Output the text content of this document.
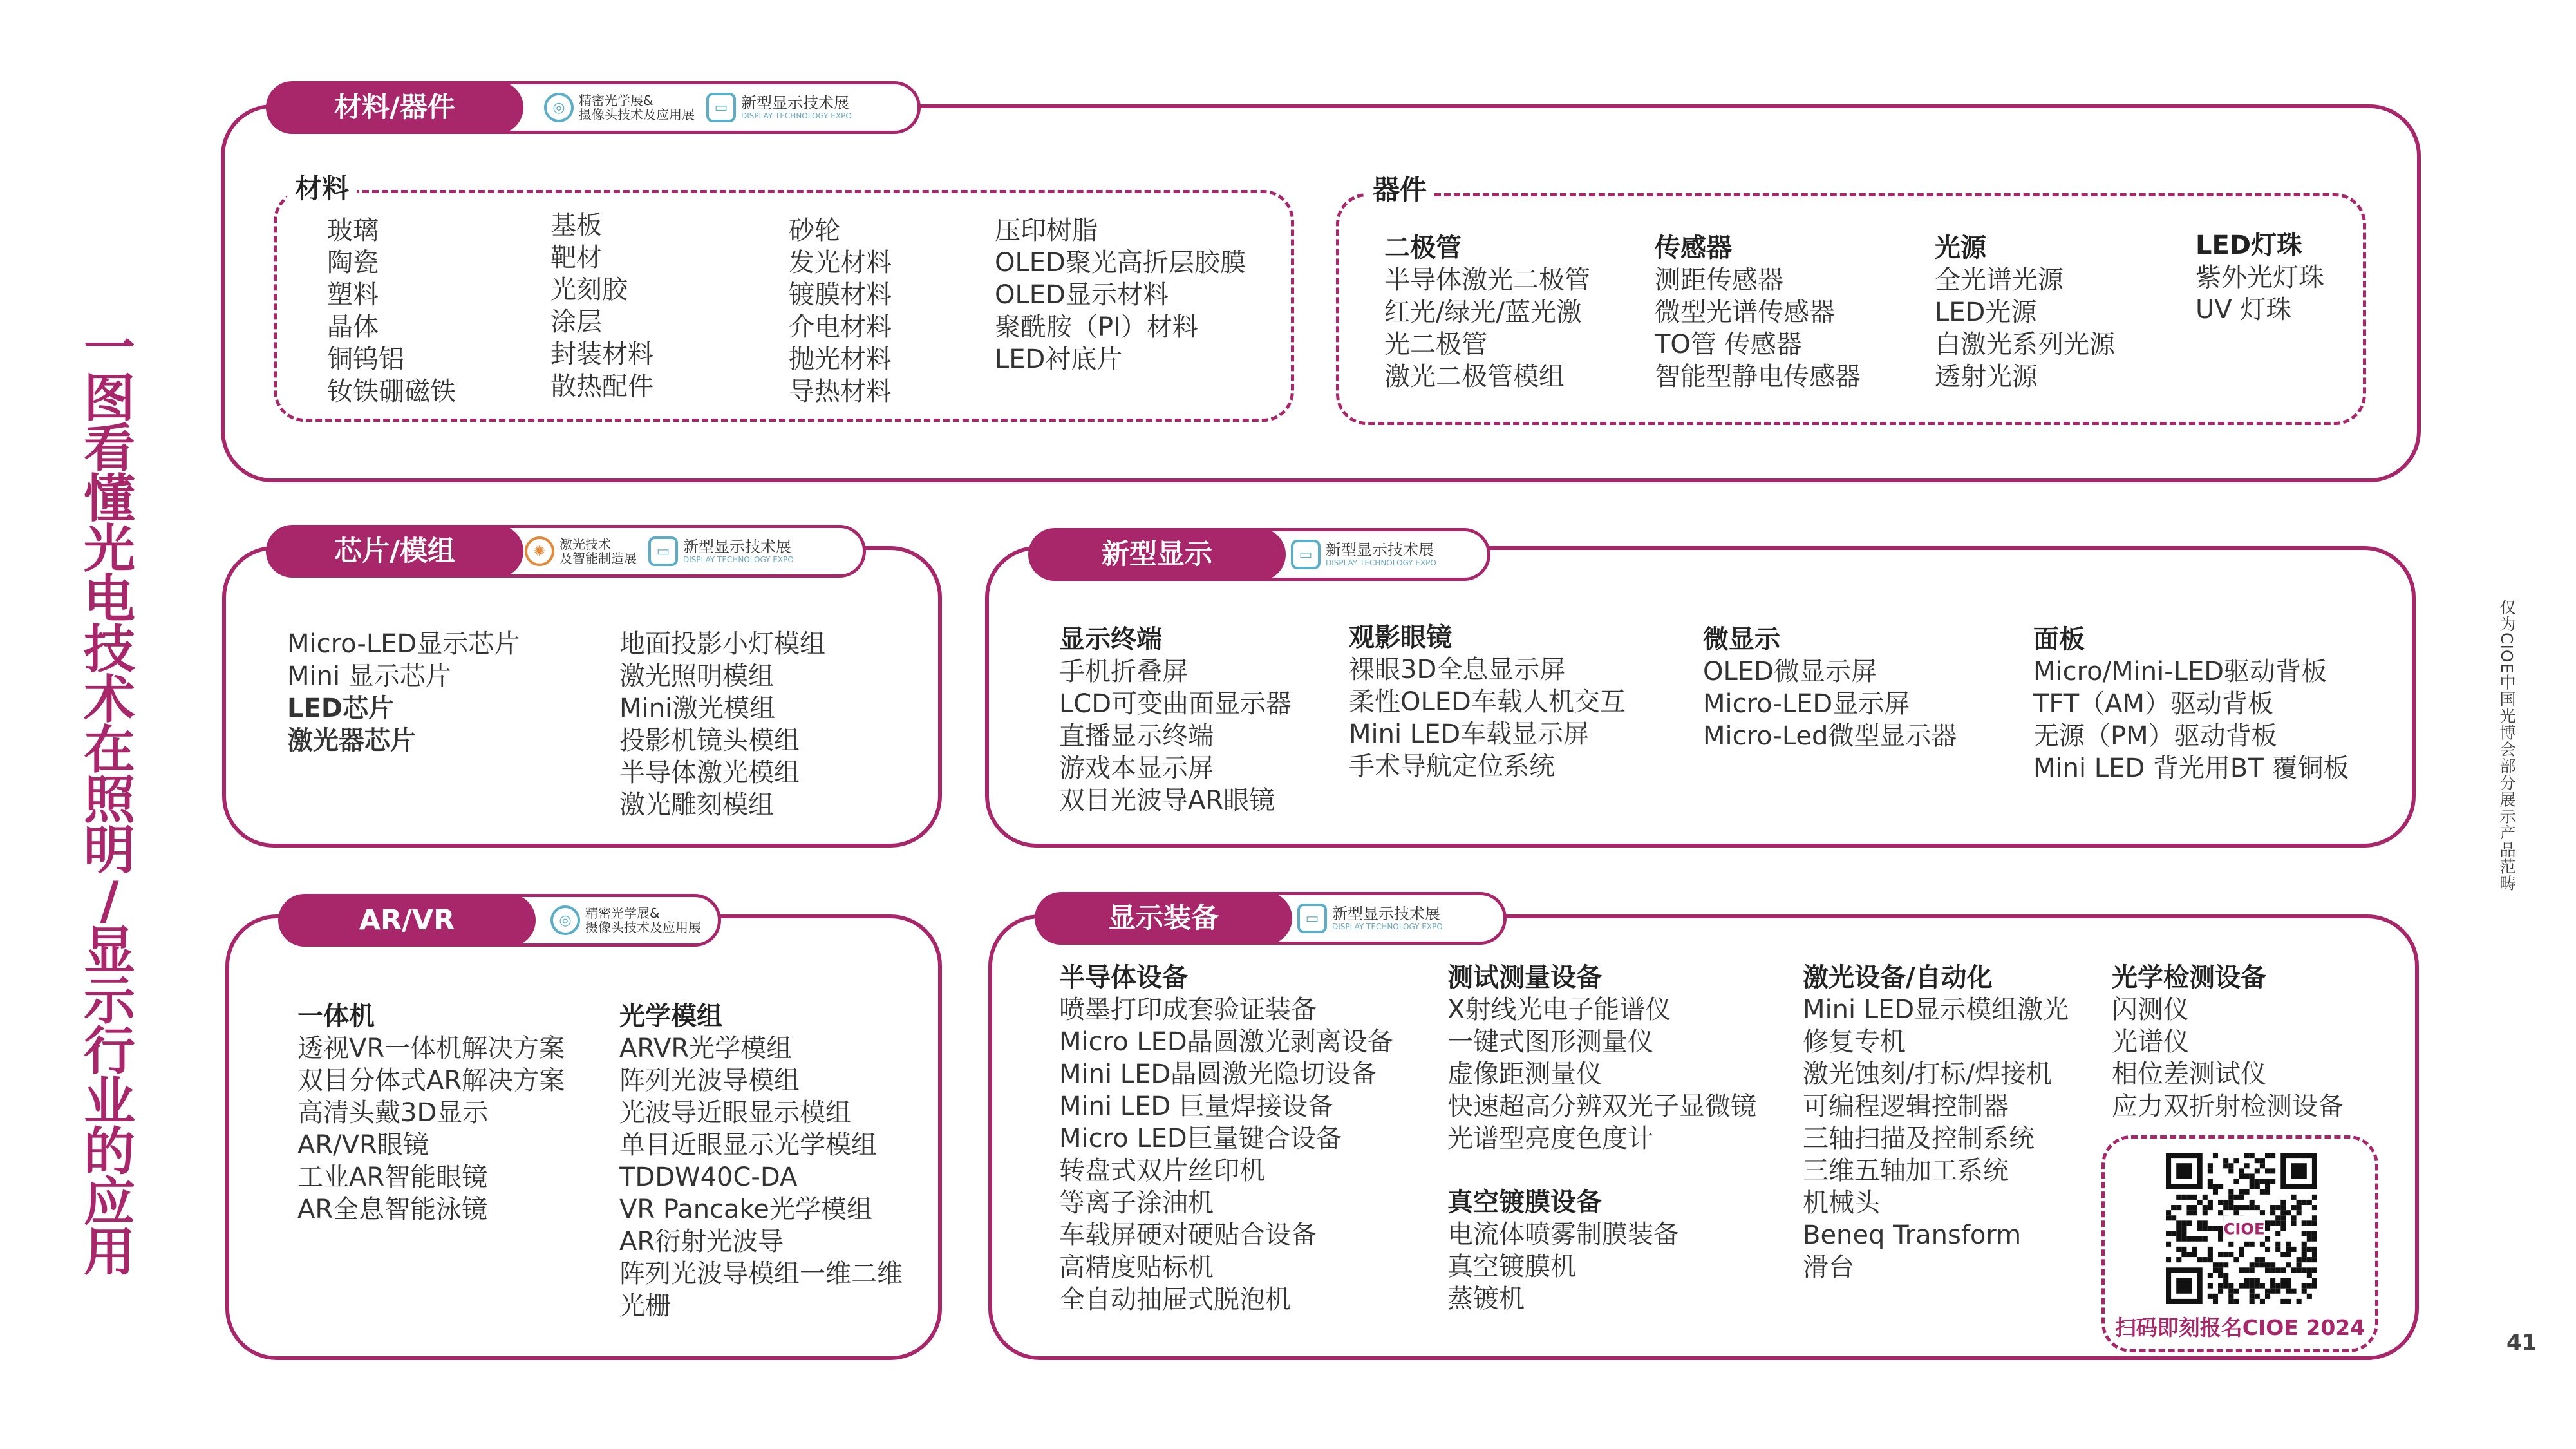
一
图
看
懂
光
电
技
术
在
照
明
/
显
示
行
业
的
应
用
仅为CIOE中国光博会部分展示产品范畴
41
◎	精密光学展&
摄像头技术及应用展	▭ 新型显示技术展
DISPLAY TECHNOLOGY EXPO
材料/器件
材料
玻璃
陶瓷
塑料
晶体
铜钨铝
钕铁硼磁铁
基板
靶材
光刻胶
涂层
封装材料
散热配件
砂轮
发光材料
镀膜材料
介电材料
抛光材料
导热材料
压印树脂
OLED聚光高折层胶膜
OLED显示材料
聚酰胺（PI）材料
LED衬底片
器件
二极管
半导体激光二极管
红光/绿光/蓝光激
光二极管
激光二极管模组
传感器
测距传感器
微型光谱传感器
TO管 传感器
智能型静电传感器
光源
全光谱光源
LED光源
白激光系列光源
透射光源
LED灯珠
紫外光灯珠
UV 灯珠
✺	激光技术
及智能制造展	▭ 新型显示技术展
DISPLAY TECHNOLOGY EXPO
芯片/模组
Micro-LED显示芯片
Mini 显示芯片
LED芯片
激光器芯片
地面投影小灯模组
激光照明模组
Mini激光模组
投影机镜头模组
半导体激光模组
激光雕刻模组
▭ 新型显示技术展
DISPLAY TECHNOLOGY EXPO
新型显示
显示终端
手机折叠屏
LCD可变曲面显示器
直播显示终端
游戏本显示屏
双目光波导AR眼镜
观影眼镜
裸眼3D全息显示屏
柔性OLED车载人机交互
Mini LED车载显示屏
手术导航定位系统
微显示
OLED微显示屏
Micro-LED显示屏
Micro-Led微型显示器
面板
Micro/Mini-LED驱动背板
TFT（AM）驱动背板
无源（PM）驱动背板
Mini LED 背光用BT 覆铜板
◎	精密光学展&
摄像头技术及应用展
AR/VR
一体机
透视VR一体机解决方案
双目分体式AR解决方案
高清头戴3D显示
AR/VR眼镜
工业AR智能眼镜
AR全息智能泳镜
光学模组
ARVR光学模组
阵列光波导模组
光波导近眼显示模组
单目近眼显示光学模组
TDDW40C-DA
VR Pancake光学模组
AR衍射光波导
阵列光波导模组一维二维
光栅
▭ 新型显示技术展
DISPLAY TECHNOLOGY EXPO
显示装备
半导体设备
喷墨打印成套验证装备
Micro LED晶圆激光剥离设备
Mini LED晶圆激光隐切设备
Mini LED 巨量焊接设备
Micro LED巨量键合设备
转盘式双片丝印机
等离子涂油机
车载屏硬对硬贴合设备
高精度贴标机
全自动抽屉式脱泡机
测试测量设备
X射线光电子能谱仪
一键式图形测量仪
虚像距测量仪
快速超高分辨双光子显微镜
光谱型亮度色度计
真空镀膜设备
电流体喷雾制膜装备
真空镀膜机
蒸镀机
激光设备/自动化
Mini LED显示模组激光
修复专机
激光蚀刻/打标/焊接机
可编程逻辑控制器
三轴扫描及控制系统
三维五轴加工系统
机械头
Beneq Transform
滑台
光学检测设备
闪测仪
光谱仪
相位差测试仪
应力双折射检测设备
CIOE
扫码即刻报名CIOE 2024
